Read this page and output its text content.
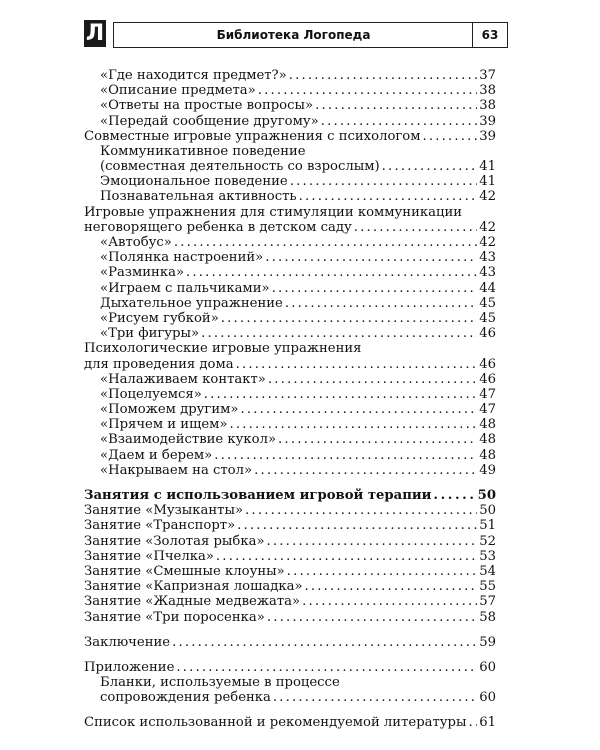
Л	Библиотека Логопеда	63
«Где находится предмет?» . . .	37
«Описание предмета» . . .	38
«Ответы на простые вопросы» . . .	38
«Передай сообщение другому» . . .	39
Совместные игровые упражнения с психологом . . .	39
Коммуникативное поведение
(совместная деятельность со взрослым) . . .	41
Эмоциональное поведение . . .	41
Познавательная активность . . .	42
Игровые упражнения для стимуляции коммуникации
неговорящего ребенка в детском саду . . .	42
«Автобус» . . .	42
«Полянка настроений» . . .	43
«Разминка» . . .	43
«Играем с пальчиками» . . .	44
Дыхательное упражнение . . .	45
«Рисуем губкой» . . .	45
«Три фигуры» . . .	46
Психологические игровые упражнения
для проведения дома . . .	46
«Налаживаем контакт» . . .	46
«Поцелуемся» . . .	47
«Поможем другим» . . .	47
«Прячем и ищем» . . .	48
«Взаимодействие кукол» . . .	48
«Даем и берем» . . .	48
«Накрываем на стол» . . .	49
Занятия с использованием игровой терапии . . .	50
Занятие «Музыканты» . . .	50
Занятие «Транспорт» . . .	51
Занятие «Золотая рыбка» . . .	52
Занятие «Пчелка» . . .	53
Занятие «Смешные клоуны» . . .	54
Занятие «Капризная лошадка» . . .	55
Занятие «Жадные медвежата» . . .	57
Занятие «Три поросенка» . . .	58
Заключение . . .	59
Приложение . . .	60
Бланки, используемые в процессе
сопровождения ребенка . . .	60
Список использованной и рекомендуемой литературы . . . 61
